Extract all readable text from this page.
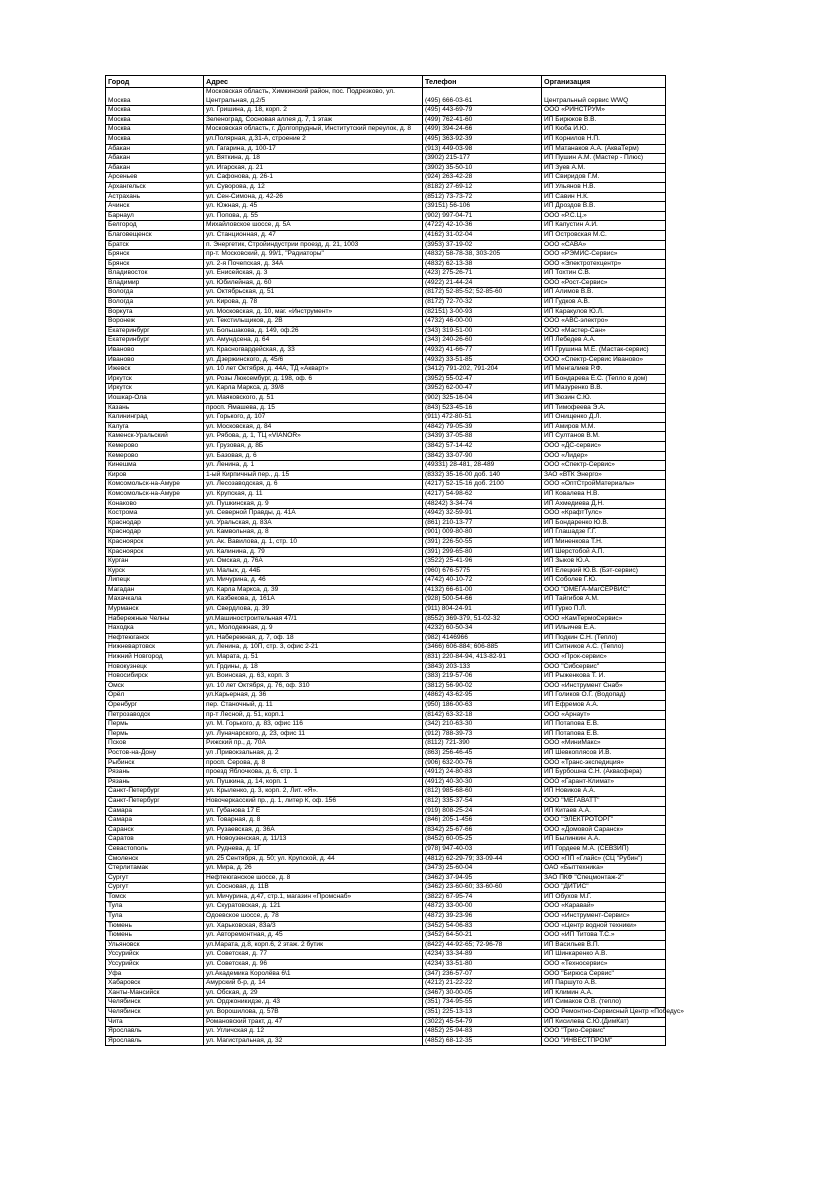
Город	Адрес	Телефон	Организация
Москва	Московская область, Химкинский район, пос. Подрезково, ул. Центральная, д.2/5	(495) 666-03-61	Центральный сервис WWQ
Москва	ул. Гришина, д. 18, корп. 2	(495) 443-69-79	ООО «РИНСТРУМ»
Москва	Зеленоград, Сосновая аллея д. 7, 1 этаж	(499) 762-41-60	ИП Бирюков В.В.
Москва	Московская область, г. Долгопрудный, Институтский переулок, д. 8	(499) 394-24-66	ИП Кюба И.Ю.
Москва	ул.Полярная, д.31-А, строение 2	(495) 363-92-39	ИП Корнилов Н.П.
Абакан	ул. Гагарина, д. 100-17	(913) 449-03-98	ИП Матанаков А.А. (АкваТерм)
Абакан	ул. Вяткина, д. 18	(3902) 215-177	ИП Пушин А.М. (Мастер - Плюс)
Абакан	ул. Игарская, д. 21	(3902) 35-50-10	ИП Зуев А.М.
Арсеньев	ул. Сафонова, д. 26-1	(924) 263-42-28	ИП Свиридов Г.М.
Архангельск	ул. Суворова, д. 12	(8182) 27-69-12	ИП Ульянов Н.В.
Астрахань	ул. Сен-Симона, д. 42-26	(8512) 73-73-72	ИП Савин Н.К.
Ачинск	ул. Южная, д. 45	(39151) 56-106	ИП Дроздов В.В.
Барнаул	ул. Попова, д. 55	(902) 997-04-71	ООО «Р.С.Ц.»
Белгород	Михайловское шоссе, д. 5А	(4722) 42-10-36	ИП Капустин А.И.
Благовещенск	ул. Станционная, д. 47	(4162) 31-02-04	ИП Островская М.С.
Братск	п. Энергетик, Стройиндустрии проезд, д. 21, 1003	(3953) 37-19-02	ООО «САВА»
Брянск	пр-т. Московский, д. 99/1, "Радиаторы"	(4832) 58-78-38, 303-205	ООО «РЭМИС-Сервис»
Брянск	ул. 2-я Почепская, д. 34А	(4832) 62-13-38	ООО «Электротехцентр»
Владивосток	ул. Енисейская, д. 3	(423) 275-26-71	ИП Тохтин С.В.
Владимир	ул. Юбилейная, д. 60	(4922) 21-44-24	ООО «Рост-Сервис»
Вологда	ул. Октябрьская, д. 51	(8172) 52-85-52; 52-85-60	ИП Алимов В.В.
Вологда	ул. Кирова, д. 78	(8172) 72-70-32	ИП Гудков А.В.
Воркута	ул. Московская, д. 10, маг. «Инструмент»	(82151) 3-00-93	ИП Каракулов Ю.Л.
Воронеж	ул. Текстильщиков, д. 2В	(4732) 46-00-00	ООО «АВС-электро»
Екатеринбург	ул. Большакова, д. 149, оф.26	(343) 319-51-00	ООО «Мастер-Сан»
Екатеринбург	ул. Амундсена, д. 64	(343) 240-26-60	ИП Лебедев А.А.
Иваново	ул. Красногвардейская, д. 33	(4932) 41-66-77	ИП Грушина М.Е. (Мастак-сервис)
Иваново	ул. Дзержинского, д. 45/6	(4932) 33-51-85	ООО «Спектр-Сервис Иваново»
Ижевск	ул. 10 лет Октября, д. 44А, ТД «Акварт»	(3412) 791-202, 791-204	ИП Менгалиев Р.Ф.
Иркутск	ул. Розы Люксембург, д. 198, оф. 6	(3952) 55-02-47	ИП Бондарева Е.С. (Тепло в дом)
Иркутск	ул. Карла Маркса, д. 39/8	(3952) 62-00-47	ИП Мазуренко В.В.
Йошкар-Ола	ул. Маяковского, д. 51	(902) 325-16-04	ИП Зюзин С.Ю.
Казань	просп. Ямашева, д. 15	(843) 523-45-16	ИП Тимофеева Э.А.
Калининград	ул. Горького, д. 107	(911) 472-80-51	ИП Онищенко Д.Л.
Калуга	ул. Московская, д. 84	(4842) 79-05-39	ИП Амиров М.М.
Каменск-Уральский	ул. Рябова, д. 1, ТЦ «VIANOR»	(3439) 37-05-88	ИП Султанов В.М.
Кемерово	ул. Грузовая, д. 8Б	(3842) 57-14-42	ООО «ДС-сервис»
Кемерово	ул. Базовая, д. 6	(3842) 33-07-90	ООО «Лидер»
Кинешма	ул. Ленина, д. 1	(49331) 28-481, 28-489	ООО «Спектр-Сервис»
Киров	1-ый Кирпичный пер., д. 15	(8332) 35-16-00 доб. 140	ЗАО «ВТК Энерго»
Комсомольск-на-Амуре	ул. Лесозаводская, д. 6	(4217) 52-15-16 доб. 2100	ООО «ОптСтройМатериалы»
Комсомольск-на-Амуре	ул. Крупская, д. 11	(4217) 54-98-62	ИП Ковалева Н.В.
Конаково	ул. Пушкинская, д. 9	(48242) 3-34-74	ИП Ахмедиева Д.Н.
Кострома	ул. Северной Правды, д. 41А	(4942) 32-59-91	ООО «КрафтТулс»
Краснодар	ул. Уральская, д. 83А	(861) 210-13-77	ИП Бондаренко Ю.В.
Краснодар	ул. Камвольная, д. 8	(901) 009-80-80	ИП Глашадзе Г.Г.
Красноярск	ул. Ак. Вавилова, д. 1, стр. 10	(391) 226-50-55	ИП Миненкова Т.Н.
Красноярск	ул. Калинина, д. 79	(391) 299-65-80	ИП Шерстобой А.П.
Курган	ул. Омская, д. 76А	(3522) 25-41-96	ИП Зыков Ю.А.
Курск	ул. Малых, д. 44Б	(960) 676-5775	ИП Елецкий Ю.В. (Бэт-сервис)
Липецк	ул. Мичурина, д. 46	(4742) 40-10-72	ИП Соболев Г.Ю.
Магадан	ул. Карла Маркса, д. 39	(4132) 66-61-00	ООО "ОМЕГА-МагСЕРВИС"
Махачкала	ул. Казбекова, д. 161А	(928) 500-54-66	ИП Тайгибов А.М.
Мурманск	ул. Свердлова, д. 39	(911) 804-24-91	ИП Гурко П.Л.
Набережные Челны	ул.Машиностроительная 47/1	(8552) 369-379, 51-02-32	ООО «КамТермоСервис»
Находка	ул., Молодежная, д. 9	(4232) 60-50-34	ИП Ильичев Е.А.
Нефтеюганск	ул. Набережная, д. 7, оф. 18	(982) 4146966	ИП Подкин С.Н. (Тепло)
Нижневартовск	ул. Ленина, д. 10П, стр. 3, офис 2-21	(3466) 606-884; 606-885	ИП Ситников А.С. (Тепло)
Нижний Новгород	ул. Марата, д. 51	(831) 220-84-94, 413-82-91	ООО «Прок-сервис»
Новокузнецк	ул. Грдины, д. 18	(3843) 203-133	ООО "Сибсервис"
Новосибирск	ул. Воинская, д. 63, корп. 3	(383) 219-57-06	ИП Рыженкова Т. И.
Омск	ул. 10 лет Октября, д. 76, оф. 310	(3812) 56-90-02	ООО «Инструмент Снаб»
Орёл	ул.Карьерная, д. 36	(4862) 43-62-95	ИП Голиков О.Г. (Водопад)
Оренбург	пер. Станочный, д. 11	(950) 186-00-63	ИП Ефремов А.А.
Петрозаводск	пр-т Лесной, д. 51, корп.1	(8142) 63-32-18	ООО «Арнаут»
Пермь	ул. М. Горького, д. 83, офис 116	(342) 210-63-30	ИП Потапова Е.В.
Пермь	ул. Луначарского, д. 23, офис 11	(912) 788-39-73	ИП Потапова Е.В.
Псков	Рижский пр., д. 70А	(8112) 721-390	ООО «МиниМакс»
Ростов-на-Дону	ул .Привокзальная, д. 2	(863) 256-46-45	ИП Шевкоплясов И.В.
Рыбинск	просп. Серова, д. 8	(906) 632-00-76	ООО «Транс-экспедиция»
Рязань	проезд Яблочкова, д. 6, стр. 1	(4912) 24-80-83	ИП Бурбошна С.Н. (Аквасфера)
Рязань	ул. Пушкина, д. 14, корп. 1	(4912) 40-30-30	ООО «Гарант-Климат»
Санкт-Петербург	ул. Крыленко, д. 3, корп. 2, Лит. «Я».	(812) 985-68-60	ИП Новиков А.А.
Санкт-Петербург	Новочеркасский пр., д. 1, литер К, оф. 156	(812) 335-37-54	ООО "МЕГАВАТТ"
Самара	ул. Губанова 17 Е	(919) 808-25-24	ИП Китаев А.А.
Самара	ул. Товарная, д. 8	(846) 205-1-456	ООО "ЭЛЕКТРОТОРГ"
Саранск	ул. Рузаевская, д. 36А	(8342) 25-67-66	ООО «Домовой Саранск»
Саратов	ул. Новоузенская, д. 11/13	(8452) 60-05-25	ИП Былинкин А.А.
Севастополь	ул. Руднева, д. 1Г	(978) 947-40-03	ИП Гордеев М.А. (СЕВЗИП)
Смоленск	ул. 25 Сентября, д. 50; ул. Крупской, д. 44	(4812) 62-29-79; 33-09-44	ООО «ПП «Глайс» (СЦ "Рубин")
Стерлитамак	ул. Мира, д. 26	(3473) 25-60-04	ОАО «Быттехника»
Сургут	Нефтеюганское шоссе, д. 8	(3462) 37-94-95	ЗАО ПКФ "Спецмонтаж-2"
Сургут	ул. Сосновая, д. 11В	(3462) 23-60-60; 33-60-60	ООО "ДИТИС"
Томск	ул. Мичурина, д.47, стр.1, магазин «Промснаб»	(3822) 67-95-74	ИП Обухов М.Г.
Тула	ул. Скуратовская, д. 121	(4872) 33-00-00	ООО «Каравай»
Тула	Одоевское шоссе, д. 78	(4872) 39-23-96	ООО «Инструмент-Сервис»
Тюмень	ул. Харьковская, 83а/3	(3452) 54-06-83	ООО «Центр водной техники»
Тюмень	ул. Авторемонтная, д. 45	(3452) 64-50-21	ООО «ИП Титова Т.С.»
Ульяновск	ул.Марата, д.8, корп.6, 2 этаж. 2 бутик	(8422) 44-92-65; 72-96-78	ИП Васильев В.П.
Уссурийск	ул. Советская, д. 77	(4234) 33-34-89	ИП Шинкаренко А.В.
Уссурийск	ул. Советская, д. 96	(4234) 33-51-80	ООО «Техносервис»
Уфа	ул.Академика Королёва 6\1	(347) 236-57-07	ООО "Бирюса Сервис"
Хабаровск	Амурский б-р, д. 14	(4212) 21-22-22	ИП Паршуто А.В.
Ханты-Мансийск	ул. Обская, д. 29	(3467) 30-00-05	ИП Климин А.А.
Челябинск	ул. Орджоникидзе, д. 43	(351) 734-95-55	ИП Симаков О.В. (тепло)
Челябинск	ул. Ворошилова, д. 57В	(351) 225-13-13	ООО Ремонтно-Сервисный Центр «Победус»
Чита	Романовский тракт, д. 47	(3022) 45-54-79	ИП Кисилева С.Ю.(ДимКат)
Ярославль	ул. Угличская д. 12	(4852) 25-94-83	ООО "Трио-Сервис"
Ярославль	ул. Магистральная, д. 32	(4852) 68-12-35	ООО "ИНВЕСТПРОМ"
